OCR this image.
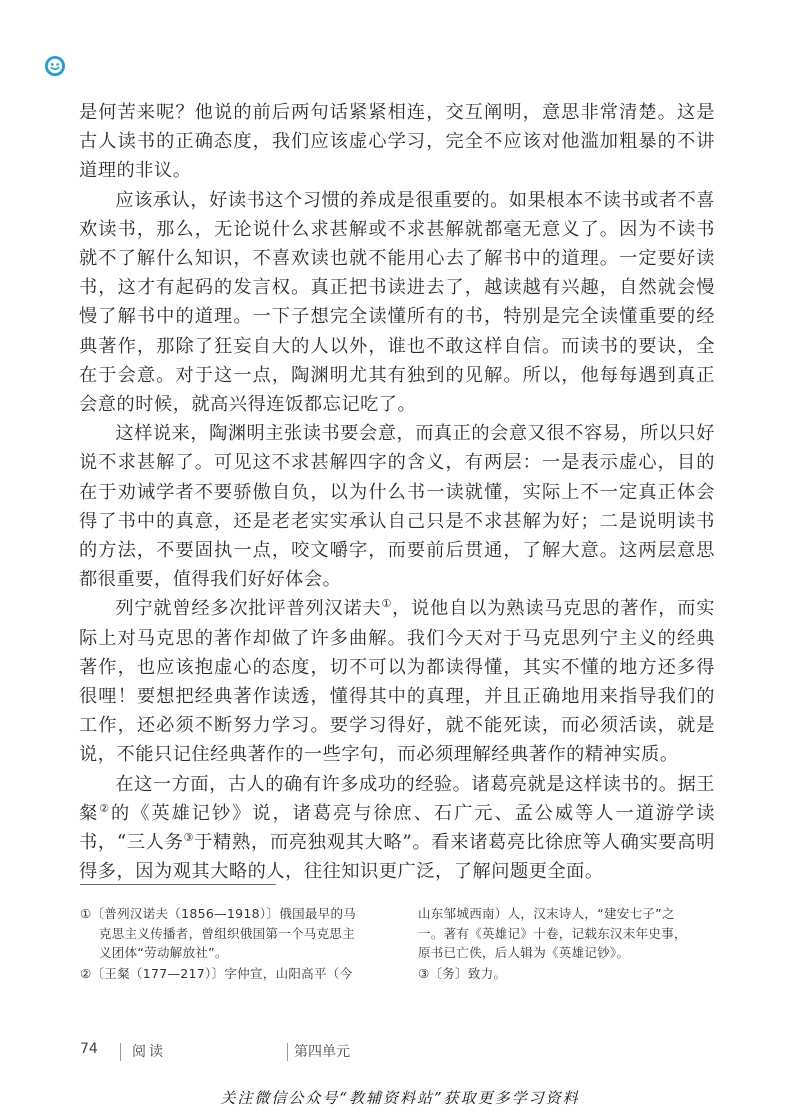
是何苦来呢？他说的前后两句话紧紧相连，交互阐明，意思非常清楚。这是古人读书的正确态度，我们应该虚心学习，完全不应该对他滥加粗暴的不讲道理的非议。

应该承认，好读书这个习惯的养成是很重要的。如果根本不读书或者不喜欢读书，那么，无论说什么求甚解或不求甚解就都毫无意义了。因为不读书就不了解什么知识，不喜欢读也就不能用心去了解书中的道理。一定要好读书，这才有起码的发言权。真正把书读进去了，越读越有兴趣，自然就会慢慢了解书中的道理。一下子想完全读懂所有的书，特别是完全读懂重要的经典著作，那除了狂妄自大的人以外，谁也不敢这样自信。而读书的要诀，全在于会意。对于这一点，陶渊明尤其有独到的见解。所以，他每每遇到真正会意的时候，就高兴得连饭都忘记吃了。

这样说来，陶渊明主张读书要会意，而真正的会意又很不容易，所以只好说不求甚解了。可见这不求甚解四字的含义，有两层：一是表示虚心，目的在于劝诫学者不要骄傲自负，以为什么书一读就懂，实际上不一定真正体会得了书中的真意，还是老老实实承认自己只是不求甚解为好；二是说明读书的方法，不要固执一点，咬文嚼字，而要前后贯通，了解大意。这两层意思都很重要，值得我们好好体会。

列宁就曾经多次批评普列汉诺夫①，说他自以为熟读马克思的著作，而实际上对马克思的著作却做了许多曲解。我们今天对于马克思列宁主义的经典著作，也应该抱虚心的态度，切不可以为都读得懂，其实不懂的地方还多得很哩！要想把经典著作读透，懂得其中的真理，并且正确地用来指导我们的工作，还必须不断努力学习。要学习得好，就不能死读，而必须活读，就是说，不能只记住经典著作的一些字句，而必须理解经典著作的精神实质。

在这一方面，古人的确有许多成功的经验。诸葛亮就是这样读书的。据王粲②的《英雄记钞》说，诸葛亮与徐庶、石广元、孟公威等人一道游学读书，“三人务③于精熟，而亮独观其大略”。看来诸葛亮比徐庶等人确实要高明得多，因为观其大略的人，往往知识更广泛，了解问题更全面。

①〔普列汉诺夫（1856—1918）〕俄国最早的马克思主义传播者，曾组织俄国第一个马克思主义团体“劳动解放社”。

②〔王粲（177—217）〕字仲宣，山阳高平（今

山东邹城西南）人，汉末诗人，“建安七子”之一。著有《英雄记》十卷，记载东汉末年史事，原书已亡佚，后人辑为《英雄记钞》。

③〔务〕致力。

74 阅读	第四单元
关注微信公众号“教辅资料站”获取更多学习资料
